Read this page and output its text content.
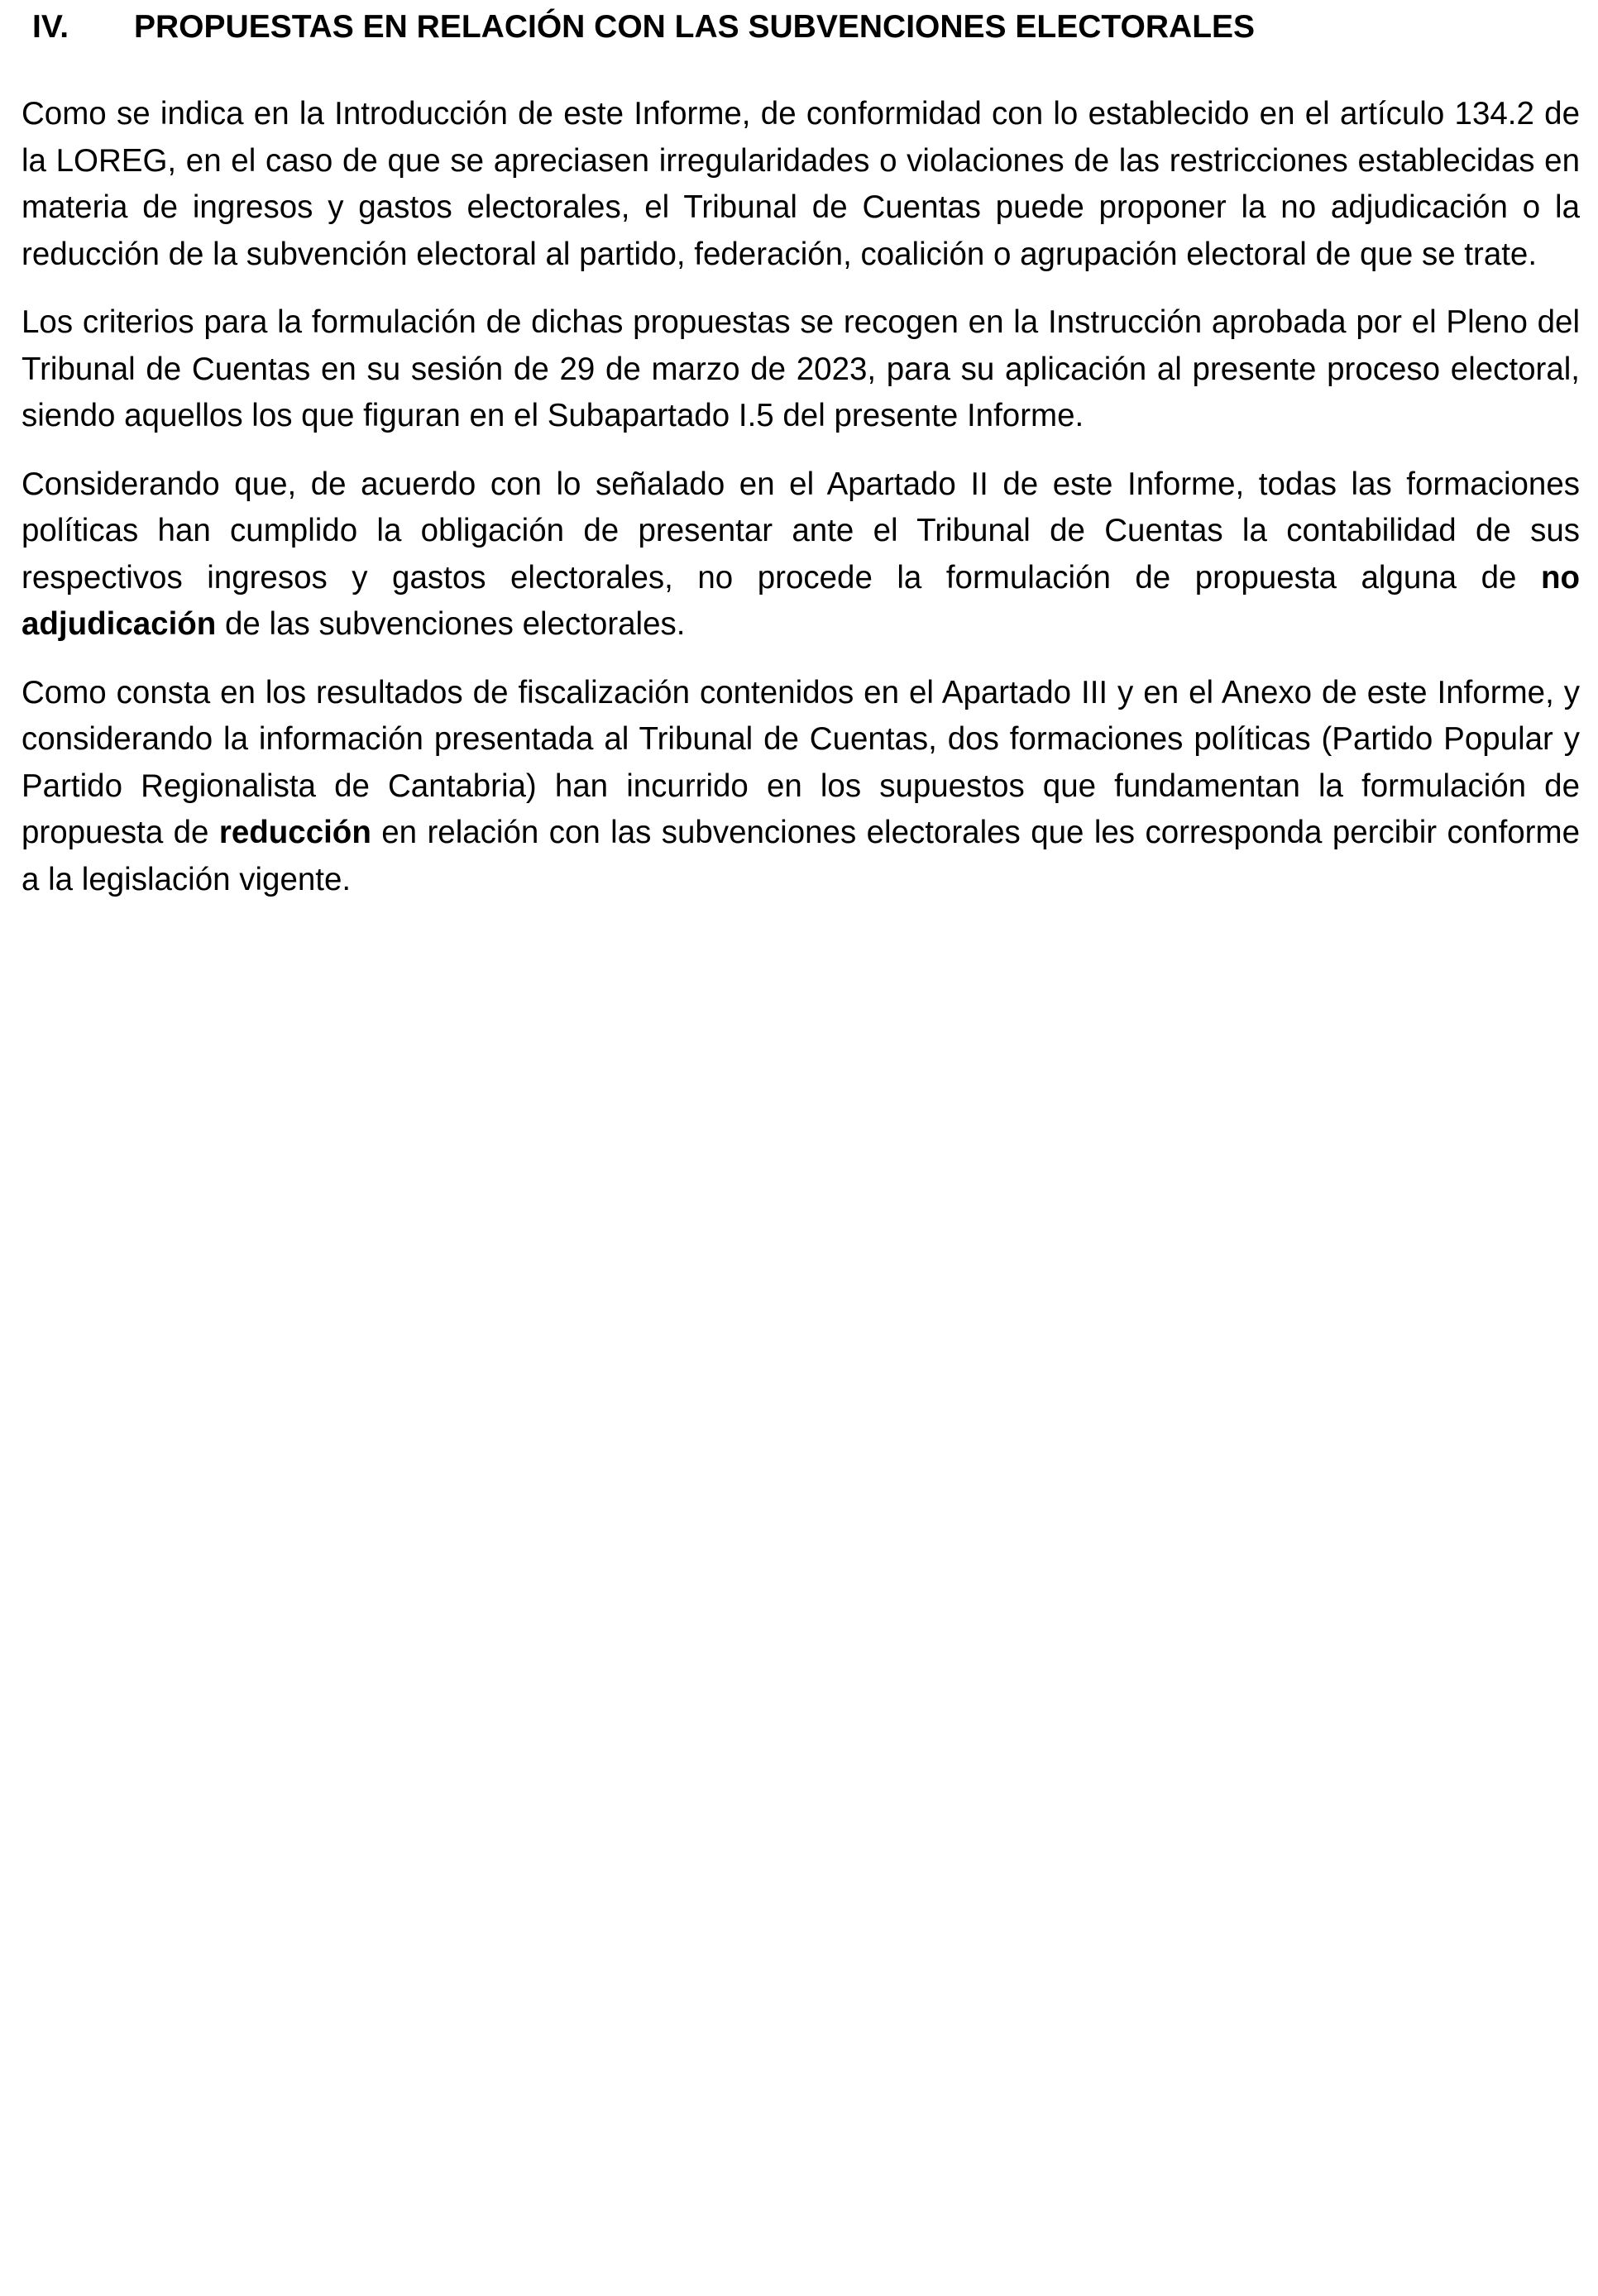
IV.	PROPUESTAS EN RELACIÓN CON LAS SUBVENCIONES ELECTORALES

Como se indica en la Introducción de este Informe, de conformidad con lo establecido en el artículo 134.2 de la LOREG, en el caso de que se apreciasen irregularidades o violaciones de las restricciones establecidas en materia de ingresos y gastos electorales, el Tribunal de Cuentas puede proponer la no adjudicación o la reducción de la subvención electoral al partido, federación, coalición o agrupación electoral de que se trate.

Los criterios para la formulación de dichas propuestas se recogen en la Instrucción aprobada por el Pleno del Tribunal de Cuentas en su sesión de 29 de marzo de 2023, para su aplicación al presente proceso electoral, siendo aquellos los que figuran en el Subapartado I.5 del presente Informe.

Considerando que, de acuerdo con lo señalado en el Apartado II de este Informe, todas las formaciones políticas han cumplido la obligación de presentar ante el Tribunal de Cuentas la contabilidad de sus respectivos ingresos y gastos electorales, no procede la formulación de propuesta alguna de no adjudicación de las subvenciones electorales.

Como consta en los resultados de fiscalización contenidos en el Apartado III y en el Anexo de este Informe, y considerando la información presentada al Tribunal de Cuentas, dos formaciones políticas (Partido Popular y Partido Regionalista de Cantabria) han incurrido en los supuestos que fundamentan la formulación de propuesta de reducción en relación con las subvenciones electorales que les corresponda percibir conforme a la legislación vigente.
